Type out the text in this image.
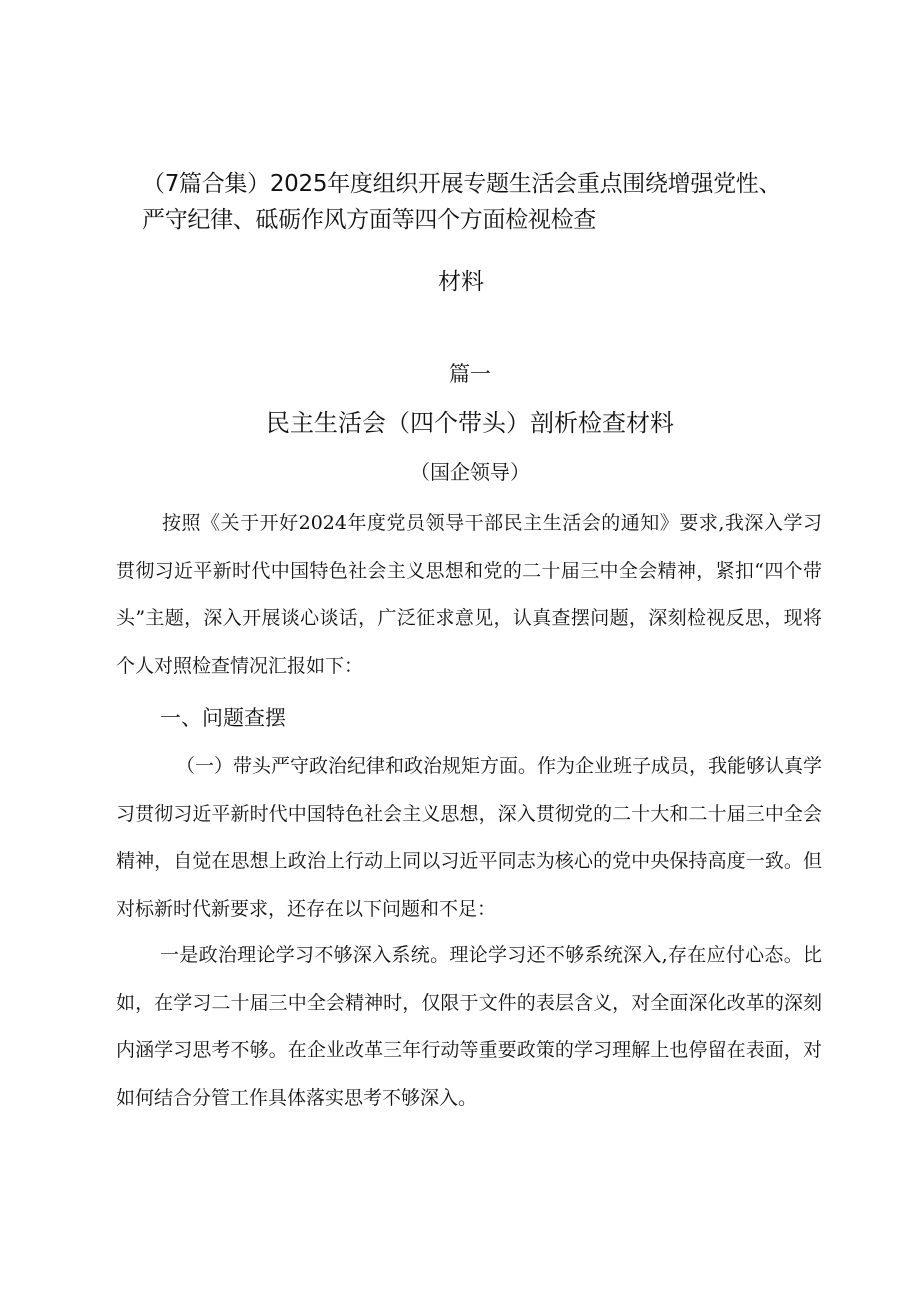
（7篇合集）2025年度组织开展专题生活会重点围绕增强党性、
严守纪律、砥砺作风方面等四个方面检视检查
材料
篇一
民主生活会（四个带头）剖析检查材料
（国企领导）

按照《关于开好2024年度党员领导干部民主生活会的通知》要求,我深入学习贯彻习近平新时代中国特色社会主义思想和党的二十届三中全会精神，紧扣“四个带头”主题，深入开展谈心谈话，广泛征求意见，认真查摆问题，深刻检视反思，现将个人对照检查情况汇报如下：

一、问题查摆

（一）带头严守政治纪律和政治规矩方面。作为企业班子成员，我能够认真学习贯彻习近平新时代中国特色社会主义思想，深入贯彻党的二十大和二十届三中全会精神，自觉在思想上政治上行动上同以习近平同志为核心的党中央保持高度一致。但对标新时代新要求，还存在以下问题和不足：

一是政治理论学习不够深入系统。理论学习还不够系统深入,存在应付心态。比如，在学习二十届三中全会精神时，仅限于文件的表层含义，对全面深化改革的深刻内涵学习思考不够。在企业改革三年行动等重要政策的学习理解上也停留在表面，对如何结合分管工作具体落实思考不够深入。
